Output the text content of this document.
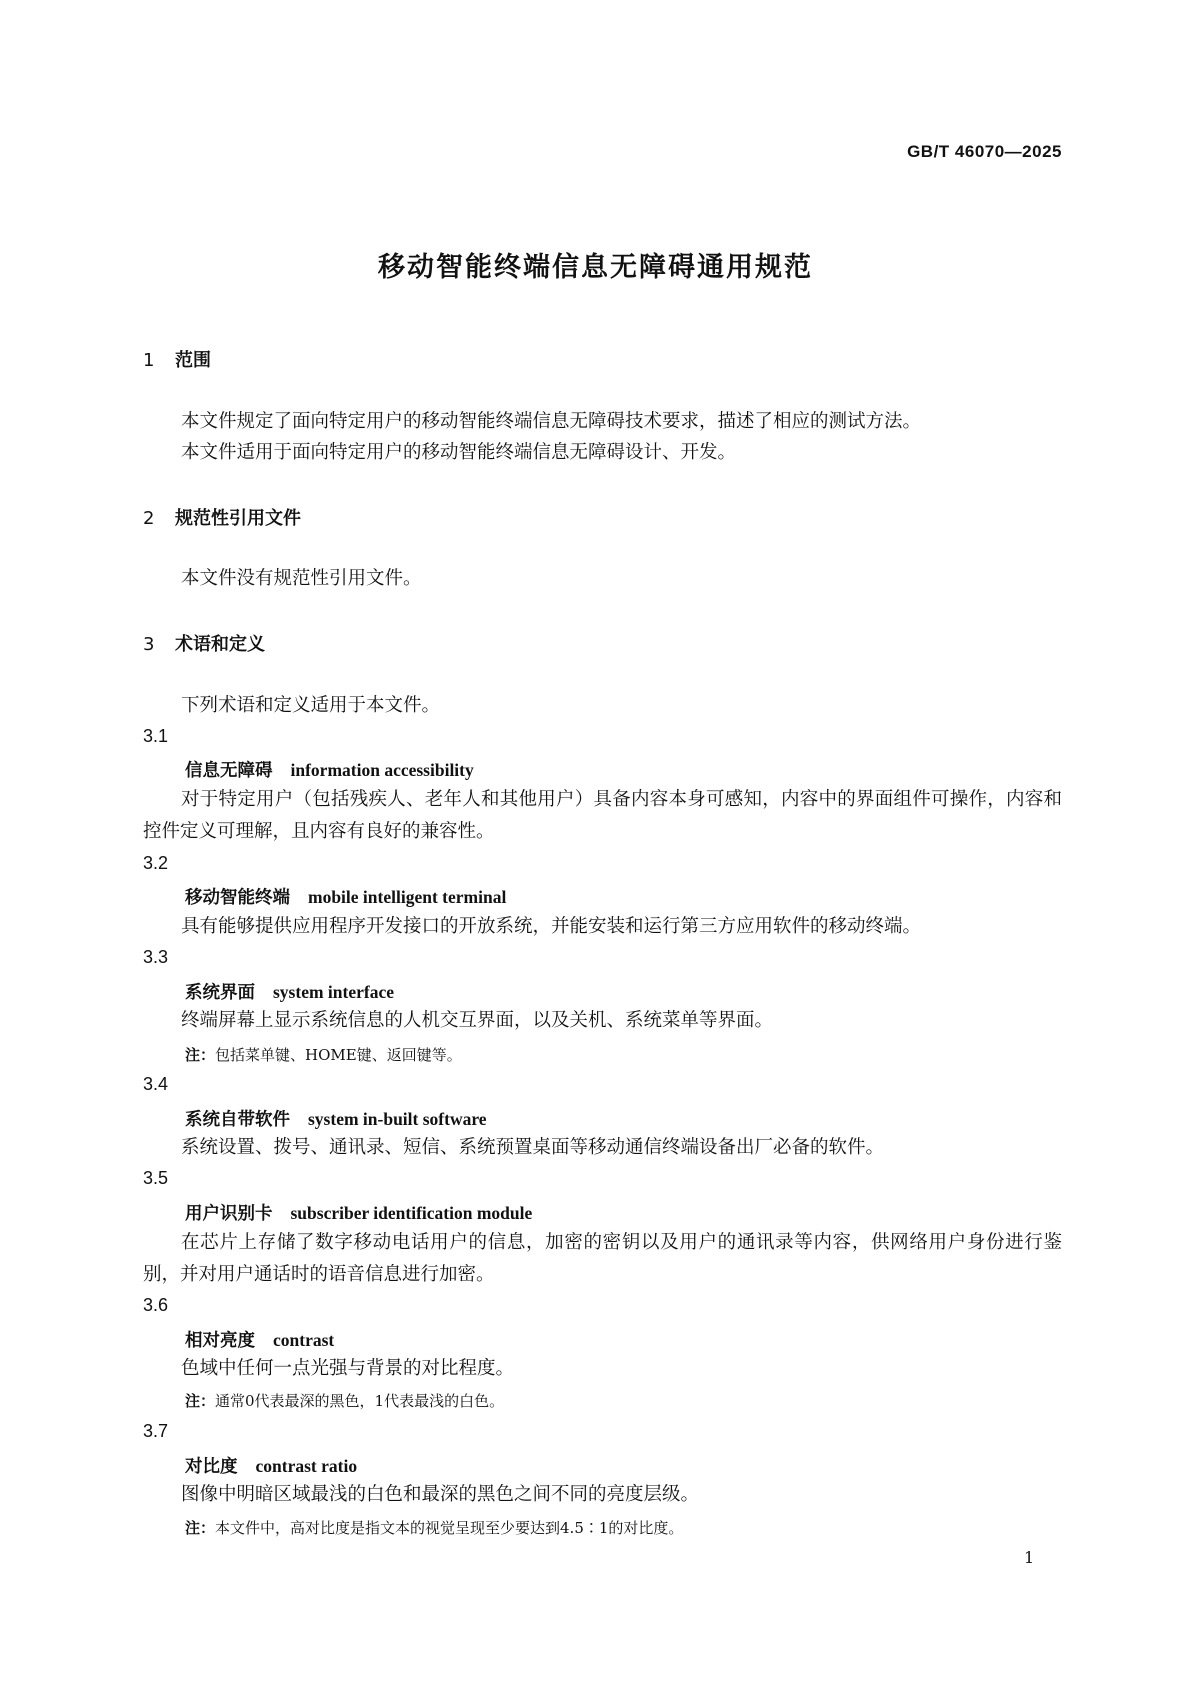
GB/T 46070—2025
移动智能终端信息无障碍通用规范
1 范围
本文件规定了面向特定用户的移动智能终端信息无障碍技术要求，描述了相应的测试方法。
本文件适用于面向特定用户的移动智能终端信息无障碍设计、开发。
2 规范性引用文件
本文件没有规范性引用文件。
3 术语和定义
下列术语和定义适用于本文件。
3.1
信息无障碍 information accessibility
对于特定用户（包括残疾人、老年人和其他用户）具备内容本身可感知，内容中的界面组件可操作，内容和控件定义可理解，且内容有良好的兼容性。
3.2
移动智能终端 mobile intelligent terminal
具有能够提供应用程序开发接口的开放系统，并能安装和运行第三方应用软件的移动终端。
3.3
系统界面 system interface
终端屏幕上显示系统信息的人机交互界面，以及关机、系统菜单等界面。
注：包括菜单键、HOME键、返回键等。
3.4
系统自带软件 system in-built software
系统设置、拨号、通讯录、短信、系统预置桌面等移动通信终端设备出厂必备的软件。
3.5
用户识别卡 subscriber identification module
在芯片上存储了数字移动电话用户的信息，加密的密钥以及用户的通讯录等内容，供网络用户身份进行鉴别，并对用户通话时的语音信息进行加密。
3.6
相对亮度 contrast
色域中任何一点光强与背景的对比程度。
注：通常0代表最深的黑色，1代表最浅的白色。
3.7
对比度 contrast ratio
图像中明暗区域最浅的白色和最深的黑色之间不同的亮度层级。
注：本文件中，高对比度是指文本的视觉呈现至少要达到4.5∶1的对比度。
1
